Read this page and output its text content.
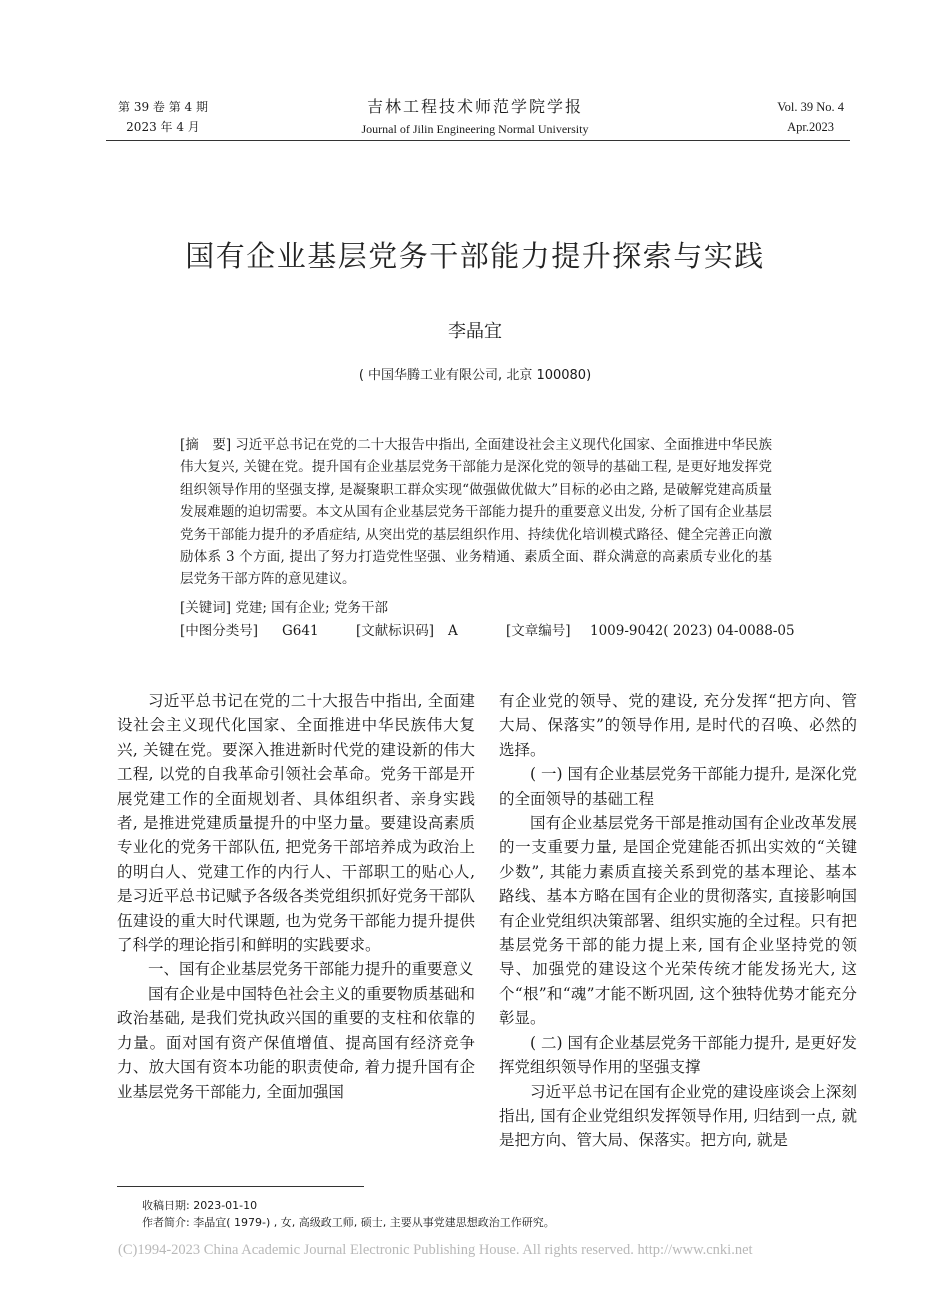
第 39 卷 第 4 期
2023 年 4 月
吉林工程技术师范学院学报
Journal of Jilin Engineering Normal University
Vol. 39 No. 4
Apr.2023
国有企业基层党务干部能力提升探索与实践
李晶宜
( 中国华腾工业有限公司, 北京 100080)
[摘　要] 习近平总书记在党的二十大报告中指出, 全面建设社会主义现代化国家、全面推进中华民族伟大复兴, 关键在党。提升国有企业基层党务干部能力是深化党的领导的基础工程, 是更好地发挥党组织领导作用的坚强支撑, 是凝聚职工群众实现“做强做优做大”目标的必由之路, 是破解党建高质量发展难题的迫切需要。本文从国有企业基层党务干部能力提升的重要意义出发, 分析了国有企业基层党务干部能力提升的矛盾症结, 从突出党的基层组织作用、持续优化培训模式路径、健全完善正向激励体系 3 个方面, 提出了努力打造党性坚强、业务精通、素质全面、群众满意的高素质专业化的基层党务干部方阵的意见建议。
[关键词] 党建; 国有企业; 党务干部
[中图分类号] G641	[文献标识码] A	[文章编号] 1009-9042( 2023) 04-0088-05

习近平总书记在党的二十大报告中指出, 全面建设社会主义现代化国家、全面推进中华民族伟大复兴, 关键在党。要深入推进新时代党的建设新的伟大工程, 以党的自我革命引领社会革命。党务干部是开展党建工作的全面规划者、具体组织者、亲身实践者, 是推进党建质量提升的中坚力量。要建设高素质专业化的党务干部队伍, 把党务干部培养成为政治上的明白人、党建工作的内行人、干部职工的贴心人, 是习近平总书记赋予各级各类党组织抓好党务干部队伍建设的重大时代课题, 也为党务干部能力提升提供了科学的理论指引和鲜明的实践要求。

一、国有企业基层党务干部能力提升的重要意义

国有企业是中国特色社会主义的重要物质基础和政治基础, 是我们党执政兴国的重要的支柱和依靠的力量。面对国有资产保值增值、提高国有经济竞争力、放大国有资本功能的职责使命, 着力提升国有企业基层党务干部能力, 全面加强国

有企业党的领导、党的建设, 充分发挥“把方向、管大局、保落实”的领导作用, 是时代的召唤、必然的选择。

( 一) 国有企业基层党务干部能力提升, 是深化党的全面领导的基础工程

国有企业基层党务干部是推动国有企业改革发展的一支重要力量, 是国企党建能否抓出实效的“关键少数”, 其能力素质直接关系到党的基本理论、基本路线、基本方略在国有企业的贯彻落实, 直接影响国有企业党组织决策部署、组织实施的全过程。只有把基层党务干部的能力提上来, 国有企业坚持党的领导、加强党的建设这个光荣传统才能发扬光大, 这个“根”和“魂”才能不断巩固, 这个独特优势才能充分彰显。

( 二) 国有企业基层党务干部能力提升, 是更好发挥党组织领导作用的坚强支撑

习近平总书记在国有企业党的建设座谈会上深刻指出, 国有企业党组织发挥领导作用, 归结到一点, 就是把方向、管大局、保落实。把方向, 就是

收稿日期: 2023-01-10
作者简介: 李晶宜( 1979-) , 女, 高级政工师, 硕士, 主要从事党建思想政治工作研究。
(C)1994-2023 China Academic Journal Electronic Publishing House. All rights reserved. http://www.cnki.net
